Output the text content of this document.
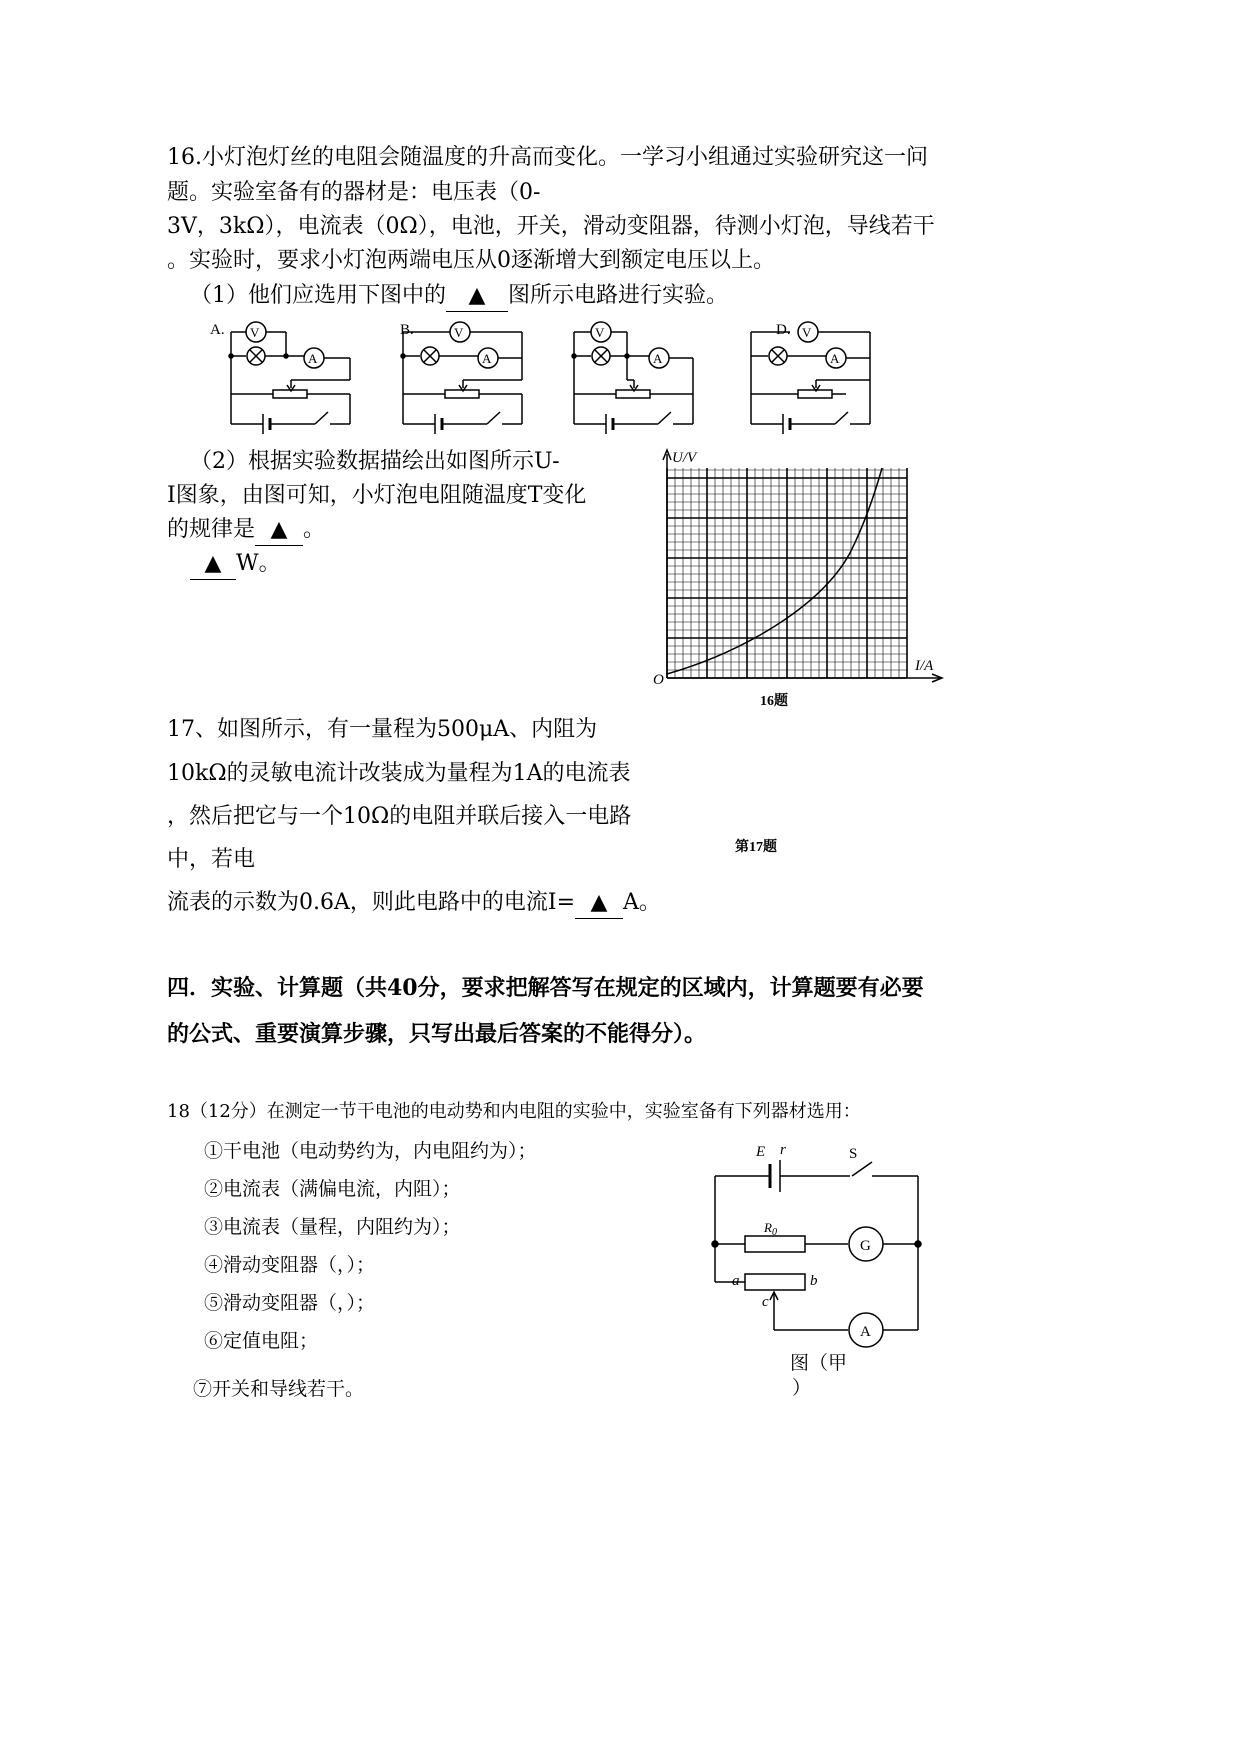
16.小灯泡灯丝的电阻会随温度的升高而变化。一学习小组通过实验研究这一问
题。实验室备有的器材是：电压表（0-
3V，3kΩ），电流表（0Ω），电池，开关，滑动变阻器，待测小灯泡，导线若干
。实验时，要求小灯泡两端电压从0逐渐增大到额定电压以上。
（1）他们应选用下图中的 ▲ 图所示电路进行实验。
A. V
A
B.	V
A
V
A
D. V
A
（2）根据实验数据描绘出如图所示U-
I图象，由图可知，小灯泡电阻随温度T变化
的规律是 ▲ 。
▲ W。
U/V
I/A
O
16题
17、如图所示，有一量程为500μA、内阻为
10kΩ的灵敏电流计改装成为量程为1A的电流表
，然后把它与一个10Ω的电阻并联后接入一电路
中，若电	第17题
流表的示数为0.6A，则此电路中的电流I= ▲ A。
四．实验、计算题（共40分，要求把解答写在规定的区域内，计算题要有必要
的公式、重要演算步骤，只写出最后答案的不能得分）。
18（12分）在测定一节干电池的电动势和内电阻的实验中，实验室备有下列器材选用：
①干电池（电动势约为，内电阻约为）；
②电流表（满偏电流，内阻）；
③电流表（量程，内阻约为）；
④滑动变阻器（，）；
⑤滑动变阻器（，）；
⑥定值电阻；
⑦开关和导线若干。
E r	S
$R_0$
G
A
a	b
c
图（甲
）
